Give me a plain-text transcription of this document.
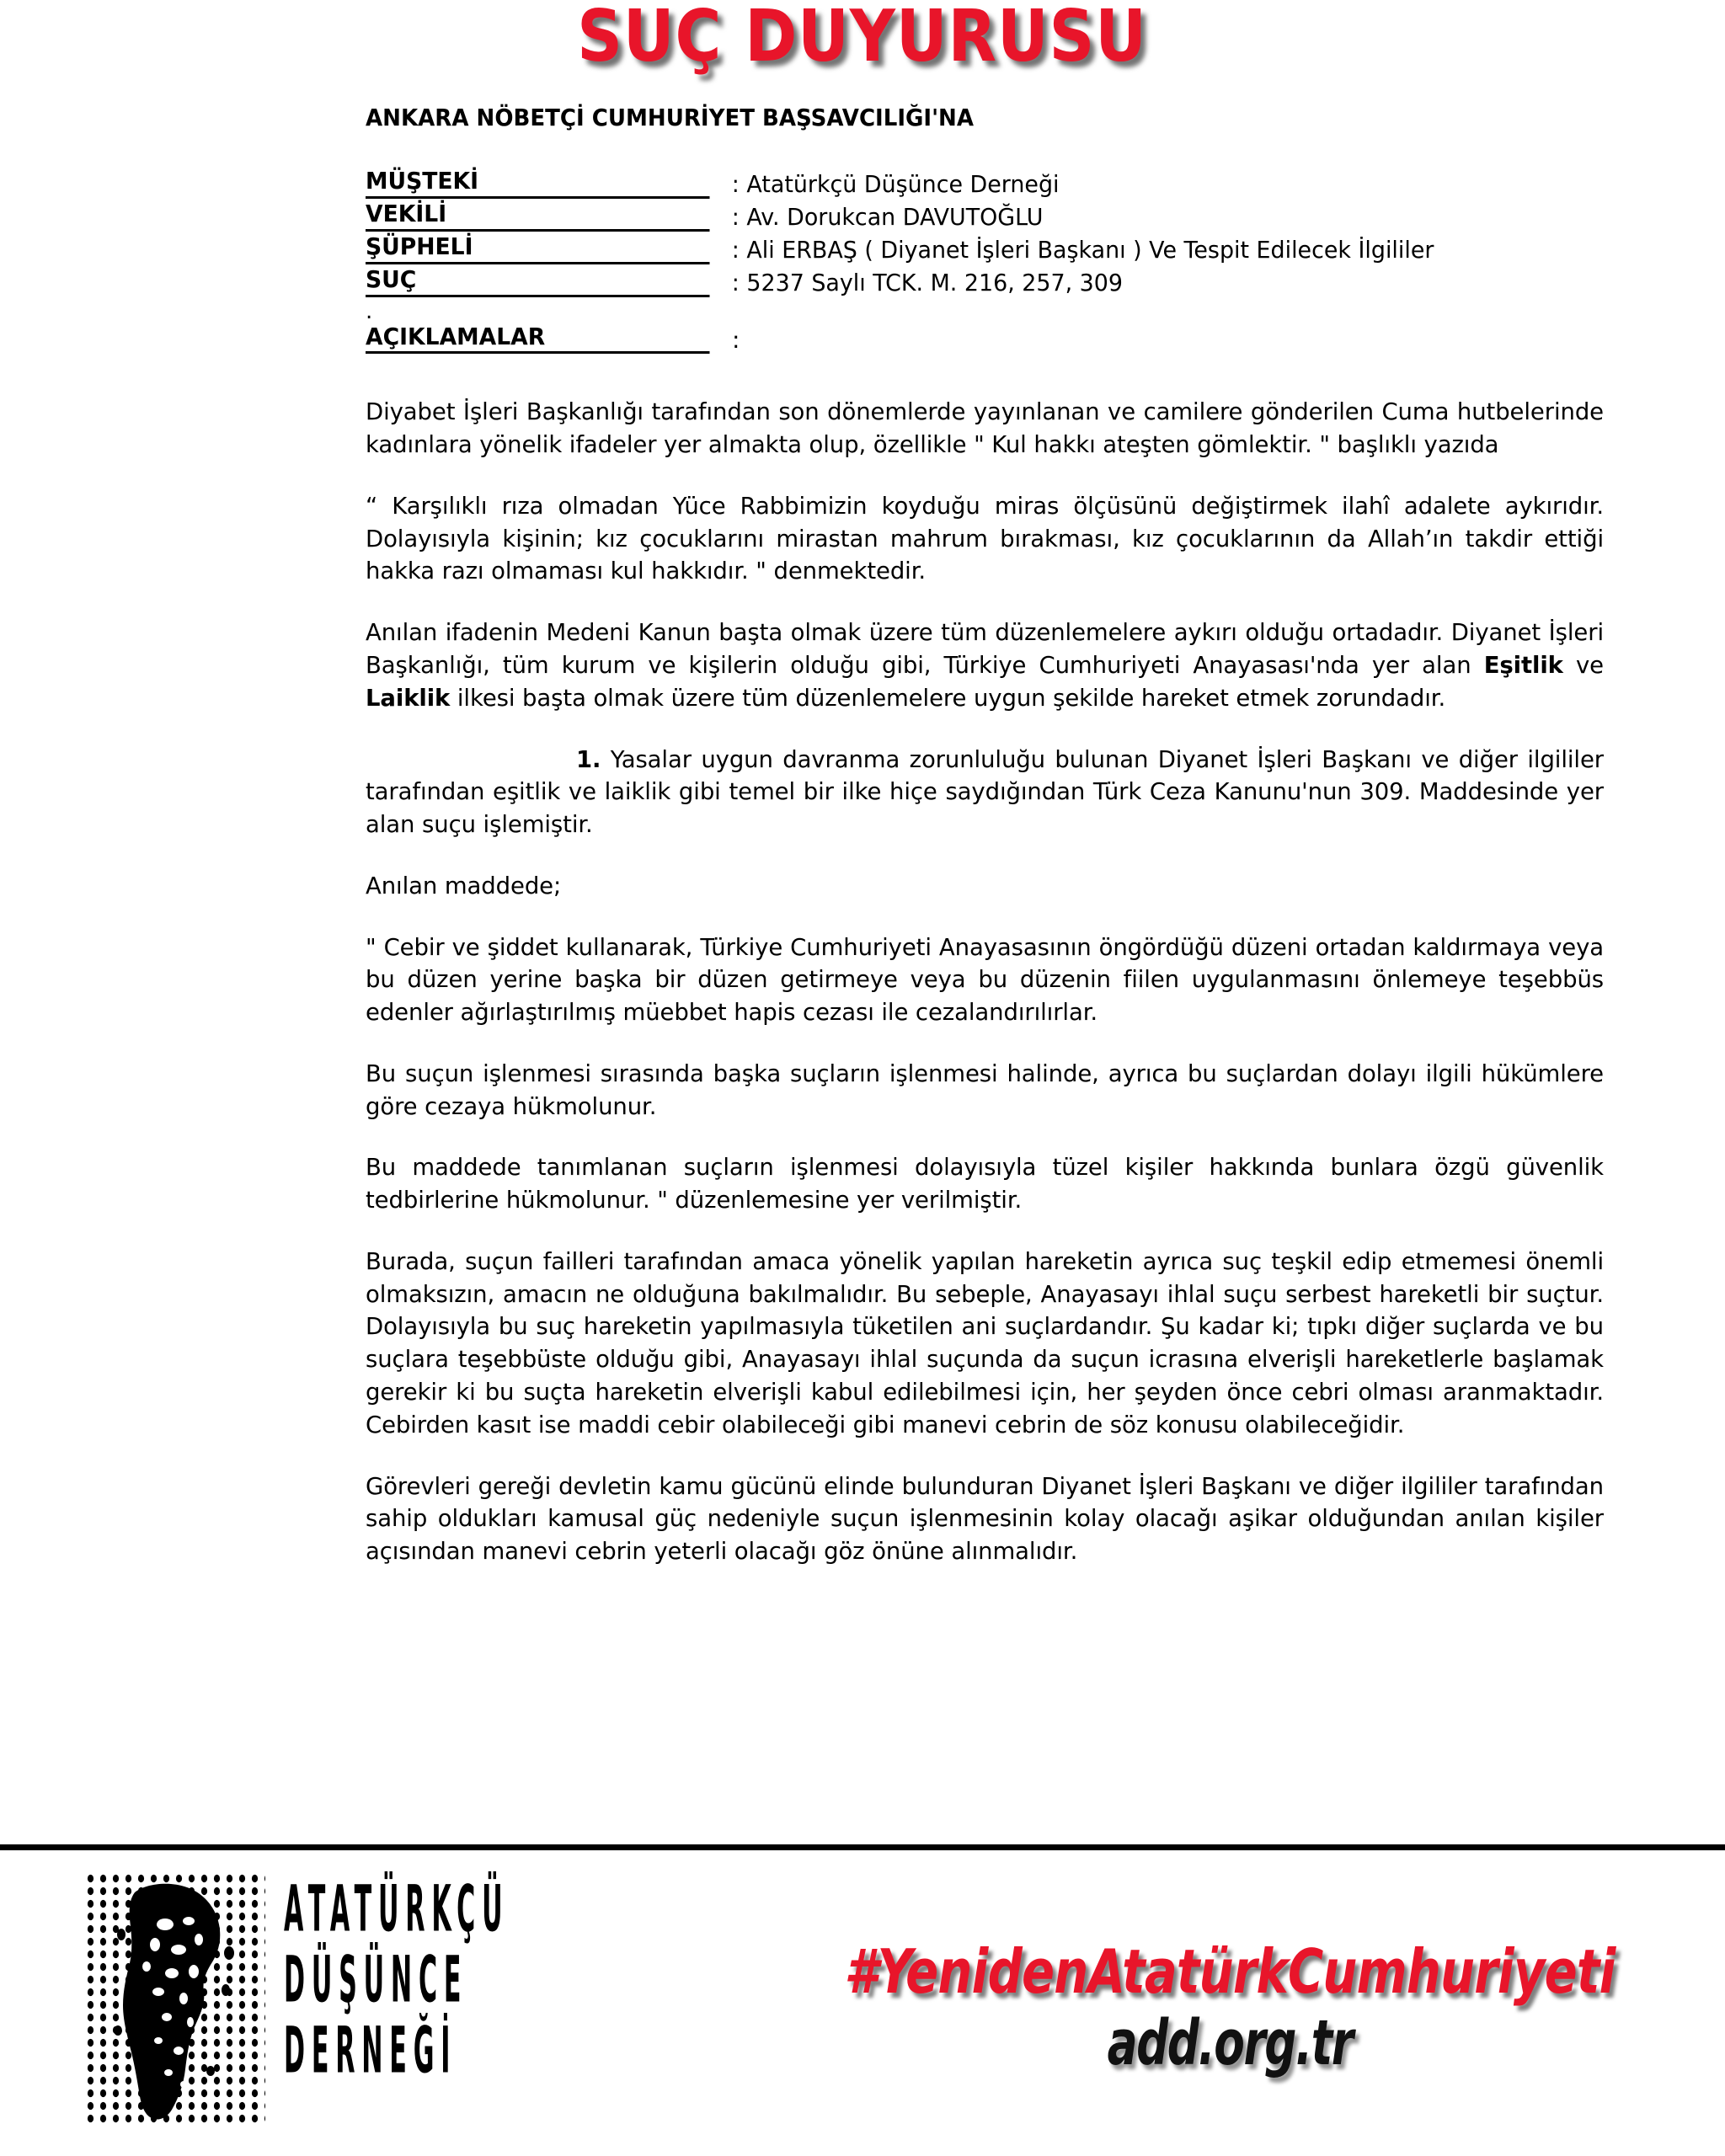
SUÇ DUYURUSU
ANKARA NÖBETÇİ CUMHURİYET BAŞSAVCILIĞI'NA
MÜŞTEKİ	: Atatürkçü Düşünce Derneği
VEKİLİ	: Av. Dorukcan DAVUTOĞLU
ŞÜPHELİ	: Ali ERBAŞ ( Diyanet İşleri Başkanı ) Ve Tespit Edilecek İlgililer
SUÇ	: 5237 Saylı TCK. M. 216, 257, 309
.
AÇIKLAMALAR	:

Diyabet İşleri Başkanlığı tarafından son dönemlerde yayınlanan ve camilere gönderilen Cuma hutbelerinde kadınlara yönelik ifadeler yer almakta olup, özellikle " Kul hakkı ateşten gömlektir. " başlıklı yazıda

“ Karşılıklı rıza olmadan Yüce Rabbimizin koyduğu miras ölçüsünü değiştirmek ilahî adalete aykırıdır. Dolayısıyla kişinin; kız çocuklarını mirastan mahrum bırakması, kız çocuklarının da Allah’ın takdir ettiği hakka razı olmaması kul hakkıdır. " denmektedir.

Anılan ifadenin Medeni Kanun başta olmak üzere tüm düzenlemelere aykırı olduğu ortadadır. Diyanet İşleri Başkanlığı, tüm kurum ve kişilerin olduğu gibi, Türkiye Cumhuriyeti Anayasası'nda yer alan Eşitlik ve Laiklik ilkesi başta olmak üzere tüm düzenlemelere uygun şekilde hareket etmek zorundadır.

1. Yasalar uygun davranma zorunluluğu bulunan Diyanet İşleri Başkanı ve diğer ilgililer tarafından eşitlik ve laiklik gibi temel bir ilke hiçe saydığından Türk Ceza Kanunu'nun 309. Maddesinde yer alan suçu işlemiştir.

Anılan maddede;

" Cebir ve şiddet kullanarak, Türkiye Cumhuriyeti Anayasasının öngördüğü düzeni ortadan kaldırmaya veya bu düzen yerine başka bir düzen getirmeye veya bu düzenin fiilen uygulanmasını önlemeye teşebbüs edenler ağırlaştırılmış müebbet hapis cezası ile cezalandırılırlar.

Bu suçun işlenmesi sırasında başka suçların işlenmesi halinde, ayrıca bu suçlardan dolayı ilgili hükümlere göre cezaya hükmolunur.

Bu maddede tanımlanan suçların işlenmesi dolayısıyla tüzel kişiler hakkında bunlara özgü güvenlik tedbirlerine hükmolunur. " düzenlemesine yer verilmiştir.

Burada, suçun failleri tarafından amaca yönelik yapılan hareketin ayrıca suç teşkil edip etmemesi önemli olmaksızın, amacın ne olduğuna bakılmalıdır. Bu sebeple, Anayasayı ihlal suçu serbest hareketli bir suçtur. Dolayısıyla bu suç hareketin yapılmasıyla tüketilen ani suçlardandır. Şu kadar ki; tıpkı diğer suçlarda ve bu suçlara teşebbüste olduğu gibi, Anayasayı ihlal suçunda da suçun icrasına elverişli hareketlerle başlamak gerekir ki bu suçta hareketin elverişli kabul edilebilmesi için, her şeyden önce cebri olması aranmaktadır. Cebirden kasıt ise maddi cebir olabileceği gibi manevi cebrin de söz konusu olabileceğidir.

Görevleri gereği devletin kamu gücünü elinde bulunduran Diyanet İşleri Başkanı ve diğer ilgililer tarafından sahip oldukları kamusal güç nedeniyle suçun işlenmesinin kolay olacağı aşikar olduğundan anılan kişiler açısından manevi cebrin yeterli olacağı göz önüne alınmalıdır.

ATATÜRKÇÜ
DÜŞÜNCE
DERNEĞİ
#YenidenAtatürkCumhuriyeti add.org.tr
